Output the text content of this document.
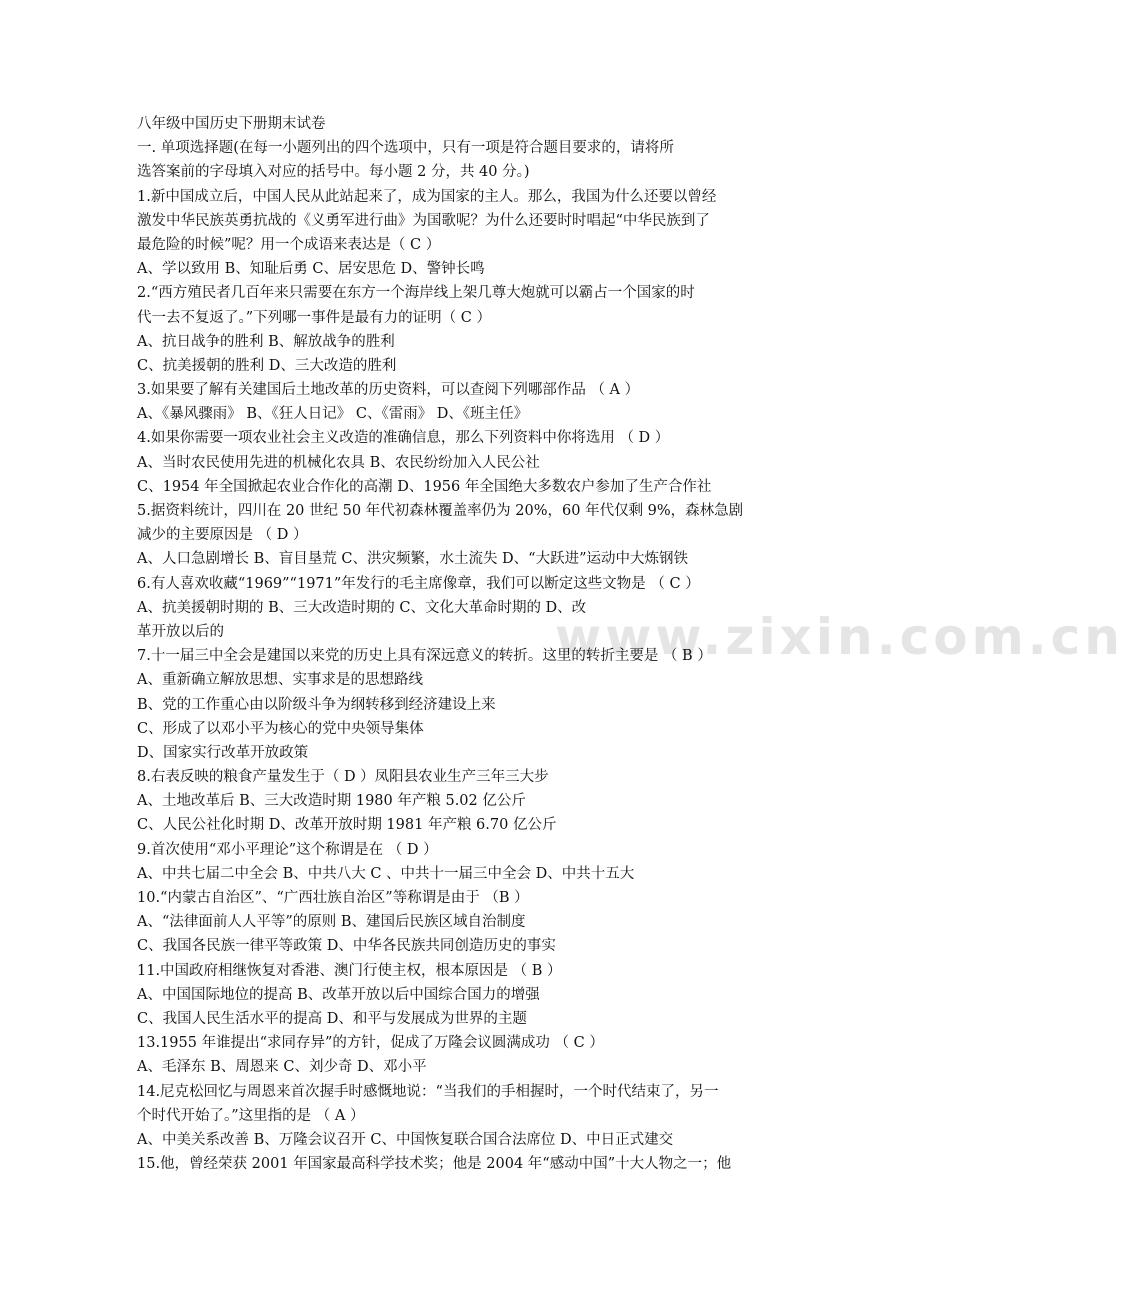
www.zixin.com.cn
八年级中国历史下册期末试卷
一. 单项选择题(在每一小题列出的四个选项中，只有一项是符合题目要求的，请将所
选答案前的字母填入对应的括号中。每小题 2 分，共 40 分。)
1.新中国成立后，中国人民从此站起来了，成为国家的主人。那么，我国为什么还要以曾经
激发中华民族英勇抗战的《义勇军进行曲》为国歌呢？为什么还要时时唱起“中华民族到了
最危险的时候”呢？用一个成语来表达是（ C ）
A、学以致用 B、知耻后勇 C、居安思危 D、警钟长鸣
2.“西方殖民者几百年来只需要在东方一个海岸线上架几尊大炮就可以霸占一个国家的时
代一去不复返了。”下列哪一事件是最有力的证明（ C ）
A、抗日战争的胜利 B、解放战争的胜利
C、抗美援朝的胜利 D、三大改造的胜利
3.如果要了解有关建国后土地改革的历史资料，可以查阅下列哪部作品 （ A ）
A、《暴风骤雨》 B、《狂人日记》 C、《雷雨》 D、《班主任》
4.如果你需要一项农业社会主义改造的准确信息，那么下列资料中你将选用 （ D ）
A、当时农民使用先进的机械化农具 B、农民纷纷加入人民公社
C、1954 年全国掀起农业合作化的高潮 D、1956 年全国绝大多数农户参加了生产合作社
5.据资料统计，四川在 20 世纪 50 年代初森林覆盖率仍为 20%，60 年代仅剩 9%，森林急剧
减少的主要原因是 （ D ）
A、人口急剧增长 B、盲目垦荒 C、洪灾频繁，水土流失 D、“大跃进”运动中大炼钢铁
6.有人喜欢收藏“1969”“1971”年发行的毛主席像章，我们可以断定这些文物是 （ C ）
A、抗美援朝时期的 B、三大改造时期的 C、文化大革命时期的 D、改
革开放以后的
7.十一届三中全会是建国以来党的历史上具有深远意义的转折。这里的转折主要是 （ B ）
A、重新确立解放思想、实事求是的思想路线
B、党的工作重心由以阶级斗争为纲转移到经济建设上来
C、形成了以邓小平为核心的党中央领导集体
D、国家实行改革开放政策
8.右表反映的粮食产量发生于（ D ）凤阳县农业生产三年三大步
A、土地改革后 B、三大改造时期 1980 年产粮 5.02 亿公斤
C、人民公社化时期 D、改革开放时期 1981 年产粮 6.70 亿公斤
9.首次使用“邓小平理论”这个称谓是在 （ D ）
A、中共七届二中全会 B、中共八大 C 、中共十一届三中全会 D、中共十五大
10.“内蒙古自治区”、“广西壮族自治区”等称谓是由于 （B ）
A、“法律面前人人平等”的原则 B、建国后民族区域自治制度
C、我国各民族一律平等政策 D、中华各民族共同创造历史的事实
11.中国政府相继恢复对香港、澳门行使主权，根本原因是 （ B ）
A、中国国际地位的提高 B、改革开放以后中国综合国力的增强
C、我国人民生活水平的提高 D、和平与发展成为世界的主题
13.1955 年谁提出“求同存异”的方针，促成了万隆会议圆满成功 （ C ）
A、毛泽东 B、周恩来 C、刘少奇 D、邓小平
14.尼克松回忆与周恩来首次握手时感慨地说：“当我们的手相握时，一个时代结束了，另一
个时代开始了。”这里指的是 （ A ）
A、中美关系改善 B、万隆会议召开 C、中国恢复联合国合法席位 D、中日正式建交
15.他，曾经荣获 2001 年国家最高科学技术奖；他是 2004 年“感动中国”十大人物之一；他
